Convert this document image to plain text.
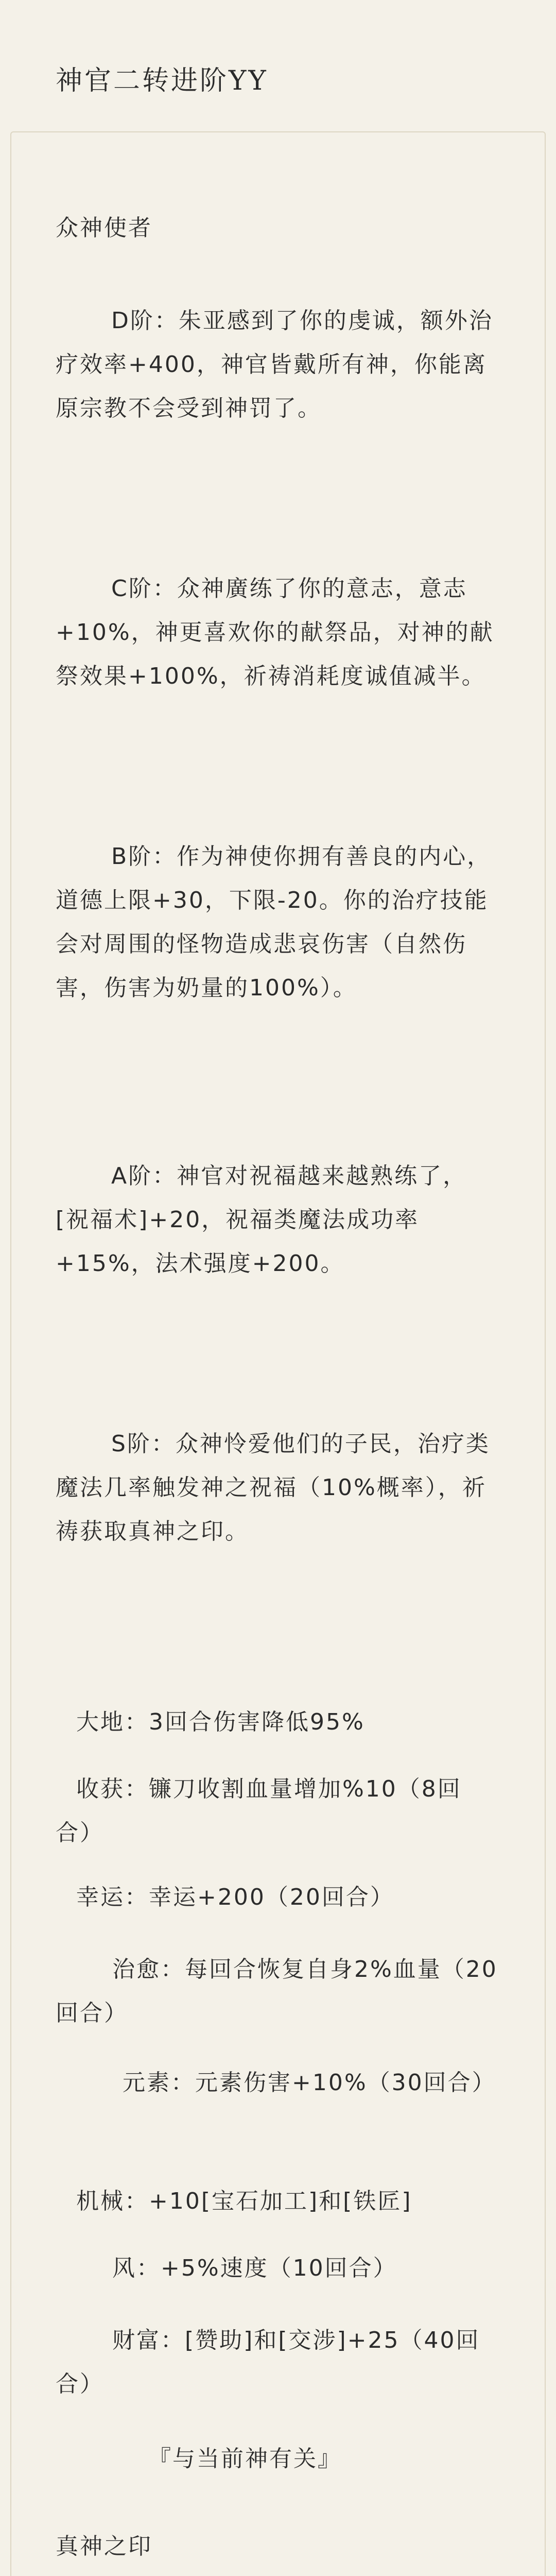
神官二转进阶YY
众神使者
D阶：朱亚感到了你的虔诚，额外治疗效率+400，神官皆戴所有神，你能离原宗教不会受到神罚了。
C阶：众神廣练了你的意志，意志+10%，神更喜欢你的献祭品，对神的献祭效果+100%，祈祷消耗度诚值减半。
B阶：作为神使你拥有善良的内心，道德上限+30，下限-20。你的治疗技能会对周围的怪物造成悲哀伤害（自然伤害，伤害为奶量的100%）。
A阶：神官对祝福越来越熟练了，[祝福术]+20，祝福类魔法成功率+15%，法术强度+200。
S阶：众神怜爱他们的子民，治疗类魔法几率触发神之祝福（10%概率），祈祷获取真神之印。
大地：3回合伤害降低95%
收获：镰刀收割血量增加%10（8回合）
幸运：幸运+200（20回合）
治愈：每回合恢复自身2%血量（20回合）
元素：元素伤害+10%（30回合）
机械：+10[宝石加工]和[铁匠]
风：+5%速度（10回合）
财富：[赞助]和[交涉]+25（40回合）
『与当前神有关』
真神之印
